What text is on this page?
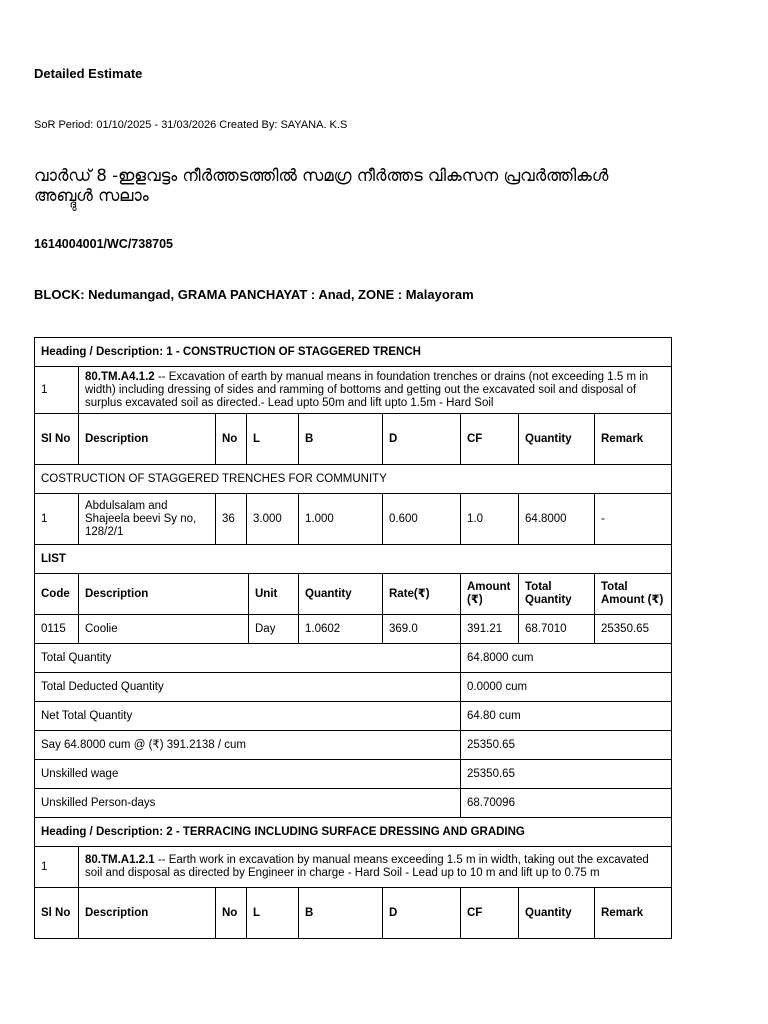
Detailed Estimate

SoR Period: 01/10/2025 - 31/03/2026 Created By: SAYANA. K.S

വാർഡ് 8 -ഇളവട്ടം നീർത്തടത്തിൽ സമഗ്ര നീർത്തട വികസന പ്രവർത്തികൾ
അബ്ദുൾ സലാം

1614004001/WC/738705

BLOCK: Nedumangad, GRAMA PANCHAYAT : Anad, ZONE : Malayoram

Heading / Description: 1 - CONSTRUCTION OF STAGGERED TRENCH									
1	80.TM.A4.1.2 -- Excavation of earth by manual means in foundation trenches or drains (not exceeding 1.5 m in width) including dressing of sides and ramming of bottoms and getting out the excavated soil and disposal of surplus excavated soil as directed.- Lead upto 50m and lift upto 1.5m - Hard Soil								
Sl No	Description	No	L		B	D	CF	Quantity	Remark
COSTRUCTION OF STAGGERED TRENCHES FOR COMMUNITY									
1	Abdulsalam and Shajeela beevi Sy no, 128/2/1	36	3.000		1.000	0.600	1.0	64.8000	-
LIST									
Code	Description			Unit	Quantity	Rate(₹)	Amount (₹)	Total Quantity	Total Amount (₹)
0115	Coolie			Day	1.0602	369.0	391.21	68.7010	25350.65
Total Quantity							64.8000 cum		
Total Deducted Quantity							0.0000 cum		
Net Total Quantity							64.80 cum		
Say 64.8000 cum @ (₹) 391.2138 / cum							25350.65		
Unskilled wage							25350.65		
Unskilled Person-days							68.70096		
Heading / Description: 2 - TERRACING INCLUDING SURFACE DRESSING AND GRADING									
1	80.TM.A1.2.1 -- Earth work in excavation by manual means exceeding 1.5 m in width, taking out the excavated soil and disposal as directed by Engineer in charge - Hard Soil - Lead up to 10 m and lift up to 0.75 m								
Sl No	Description	No	L		B	D	CF	Quantity	Remark
